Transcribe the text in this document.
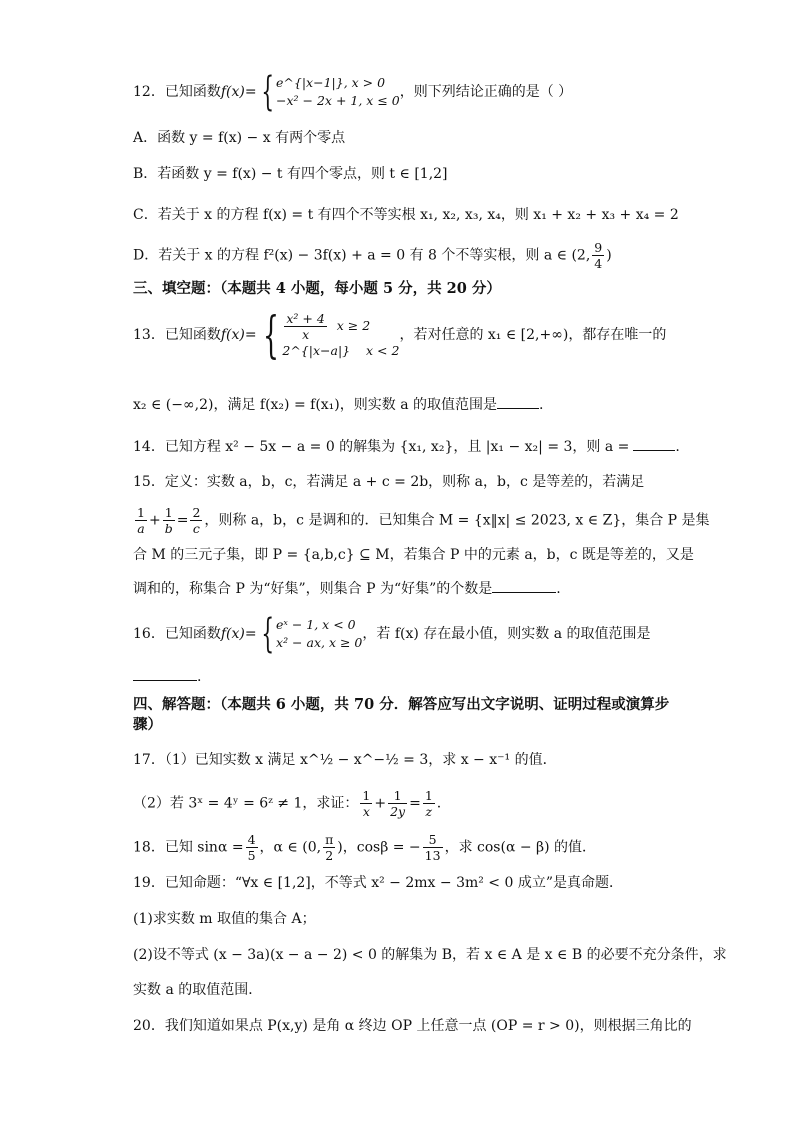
12．已知函数f(x)= { e^{|x−1|}, x > 0
−x² − 2x + 1, x ≤ 0
，则下列结论正确的是（ ）
A．函数 y = f(x) − x 有两个零点
B．若函数 y = f(x) − t 有四个零点，则 t ∈ [1,2]
C．若关于 x 的方程 f(x) = t 有四个不等实根 x₁, x₂, x₃, x₄，则 x₁ + x₂ + x₃ + x₄ = 2
D．若关于 x 的方程 f²(x) − 3f(x) + a = 0 有 8 个不等实根，则 a ∈ (2, $\frac{9}{4}$ )
三、填空题：（本题共 4 小题，每小题 5 分，共 20 分）
13．已知函数f(x)= { $\frac{\text{x² + 4}}{x}$ x ≥ 2
2^{|x−a|} x < 2
，若对任意的 x₁ ∈ [2,+∞)，都存在唯一的
x₂ ∈ (−∞,2)，满足 f(x₂) = f(x₁)，则实数 a 的取值范围是	.
14．已知方程 x² − 5x − a = 0 的解集为 {x₁, x₂}，且 |x₁ − x₂| = 3，则 a =	.
15．定义：实数 a，b，c，若满足 a + c = 2b，则称 a，b，c 是等差的，若满足
$\frac{1}{a} + \frac{1}{b} = \frac{2}{c}$ ，则称 a，b，c 是调和的．已知集合 M = {x‖x| ≤ 2023, x ∈ Z}，集合 P 是集
合 M 的三元子集，即 P = {a,b,c} ⊆ M，若集合 P 中的元素 a，b，c 既是等差的，又是
调和的，称集合 P 为“好集”，则集合 P 为“好集”的个数是	.
16．已知函数f(x)= { eˣ − 1, x < 0
x² − ax, x ≥ 0
，若 f(x) 存在最小值，则实数 a 的取值范围是
.
四、解答题：（本题共 6 小题，共 70 分．解答应写出文字说明、证明过程或演算步骤）
17．（1）已知实数 x 满足 x^½ − x^−½ = 3，求 x − x⁻¹ 的值．
（2）若 3ˣ = 4ʸ = 6ᶻ ≠ 1，求证： $\frac{1}{x} + \frac{1}{2y} = \frac{1}{z}$ .
18．已知 $\sin\alpha = \frac{4}{5}$ ，α ∈ (0, $\frac{\pi}{2}$ )，cosβ = − $\frac{5}{13}$ ，求 cos(α − β) 的值．
19．已知命题：“∀x ∈ [1,2]，不等式 x² − 2mx − 3m² < 0 成立”是真命题．
(1)求实数 m 取值的集合 A；
(2)设不等式 (x − 3a)(x − a − 2) < 0 的解集为 B，若 x ∈ A 是 x ∈ B 的必要不充分条件，求
实数 a 的取值范围．
20．我们知道如果点 P(x,y) 是角 α 终边 OP 上任意一点 (OP = r > 0)，则根据三角比的
